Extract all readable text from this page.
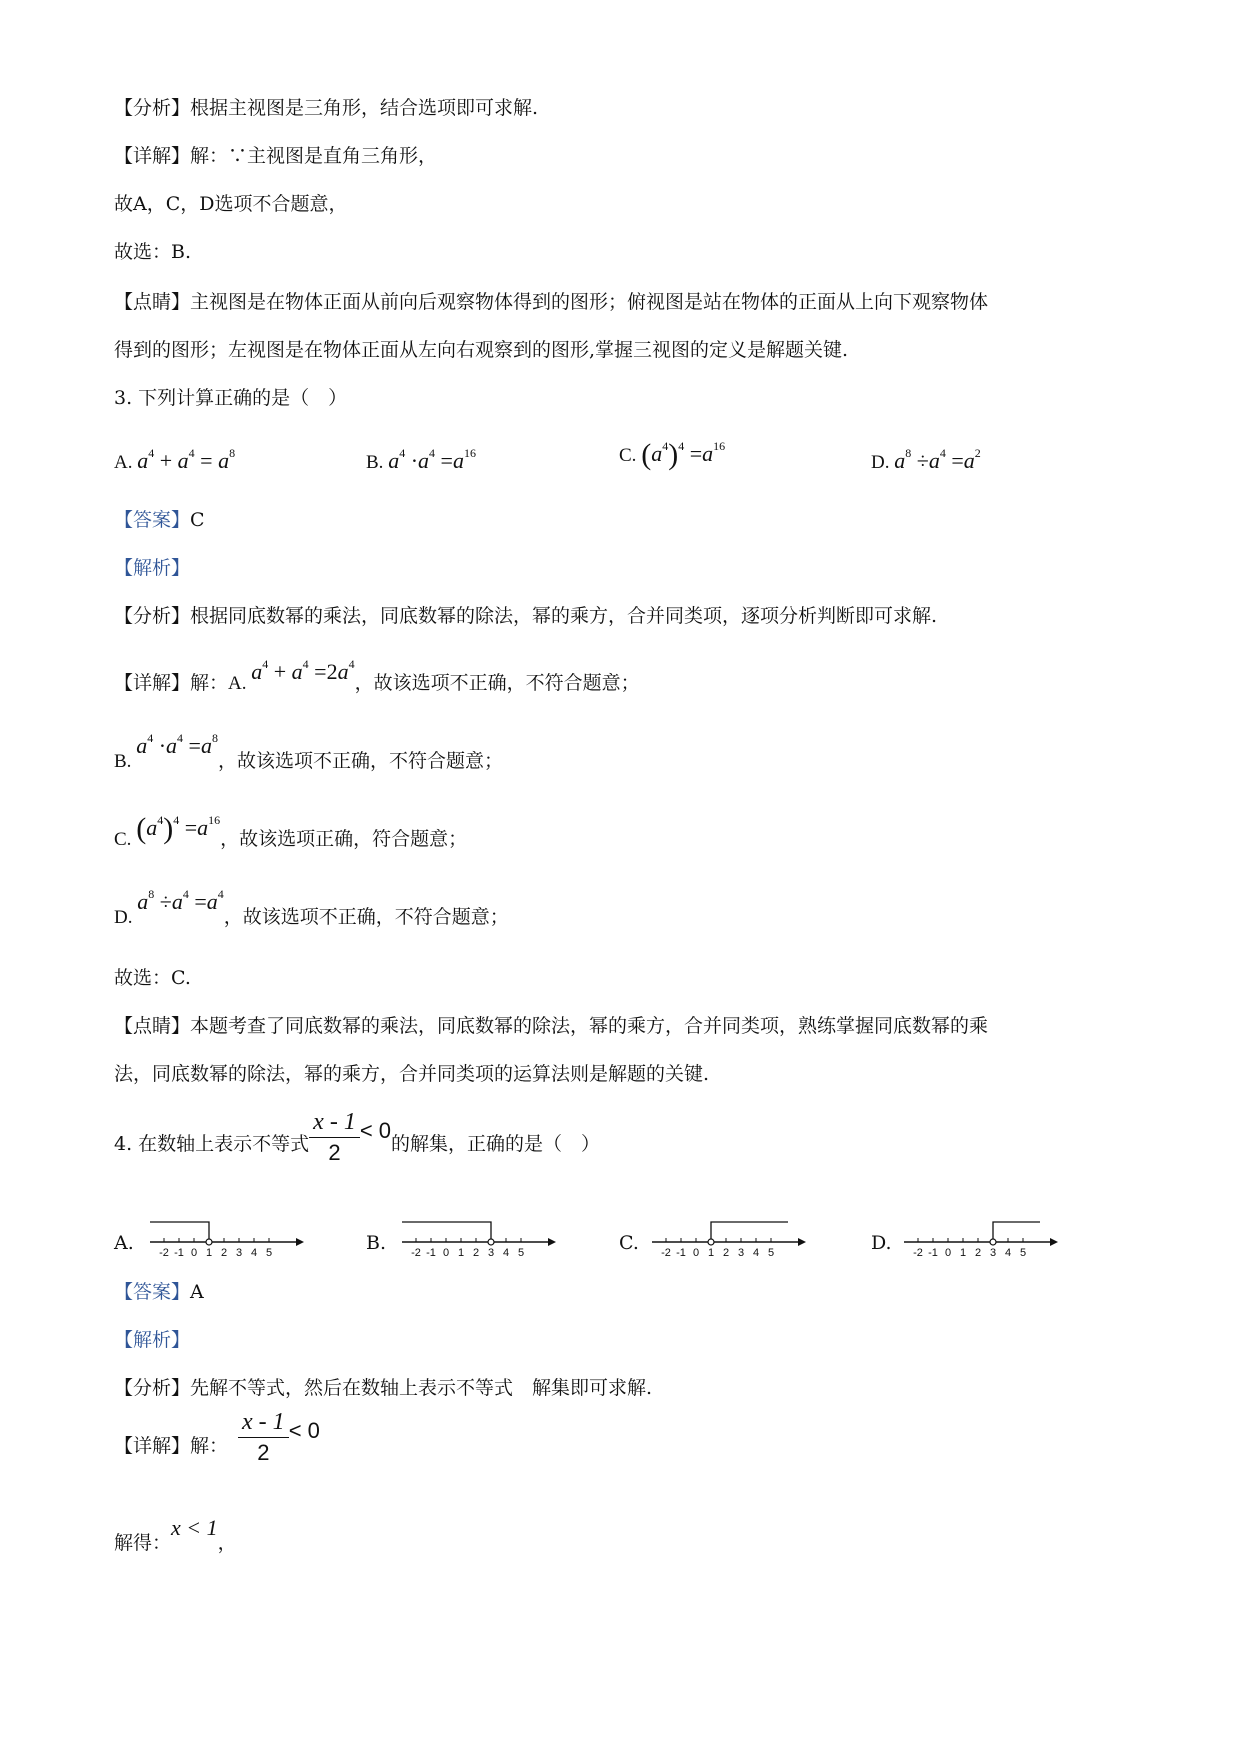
【分析】根据主视图是三角形，结合选项即可求解.
【详解】解：∵主视图是直角三角形，
故A，C，D选项不合题意，
故选：B.
【点睛】主视图是在物体正面从前向后观察物体得到的图形；俯视图是站在物体的正面从上向下观察物体
得到的图形；左视图是在物体正面从左向右观察到的图形,掌握三视图的定义是解题关键.
3. 下列计算正确的是（　）
A. $a^4 + a^4 = a^8$	B. $a^4 \cdot a^4 =a^{16}$	C. $(a^4)^4 =a^{16}$
D. $a^8 \div a^4 =a^2$
【答案】C
【解析】
【分析】根据同底数幂的乘法，同底数幂的除法，幂的乘方，合并同类项，逐项分析判断即可求解.
【详解】解：A. $a^4 + a^4 =2a^4$，故该选项不正确，不符合题意；
B. $a^4 \cdot a^4 =a^8$，故该选项不正确，不符合题意；
C. $(a^4)^4 =a^{16}$，故该选项正确，符合题意；
D. $a^8 \div a^4 =a^4$，故该选项不正确，不符合题意；
故选：C.
【点睛】本题考查了同底数幂的乘法，同底数幂的除法，幂的乘方，合并同类项，熟练掌握同底数幂的乘
法，同底数幂的除法，幂的乘方，合并同类项的运算法则是解题的关键.
4. 在数轴上表示不等式 $\frac{x - 1}{2} < 0$的解集，正确的是（　）
A.	B.	C.	D.
-2 -1 0 1 2 3 4 5	-2 -1 0 1 2 3 4 5	-2 -1 0 1 2 3 4 5	-2 -1 0 1 2 3 4 5
【答案】A
【解析】
【分析】先解不等式，然后在数轴上表示不等式　解集即可求解.
【详解】解： $\frac{x - 1}{2} < 0$
解得：x < 1，
